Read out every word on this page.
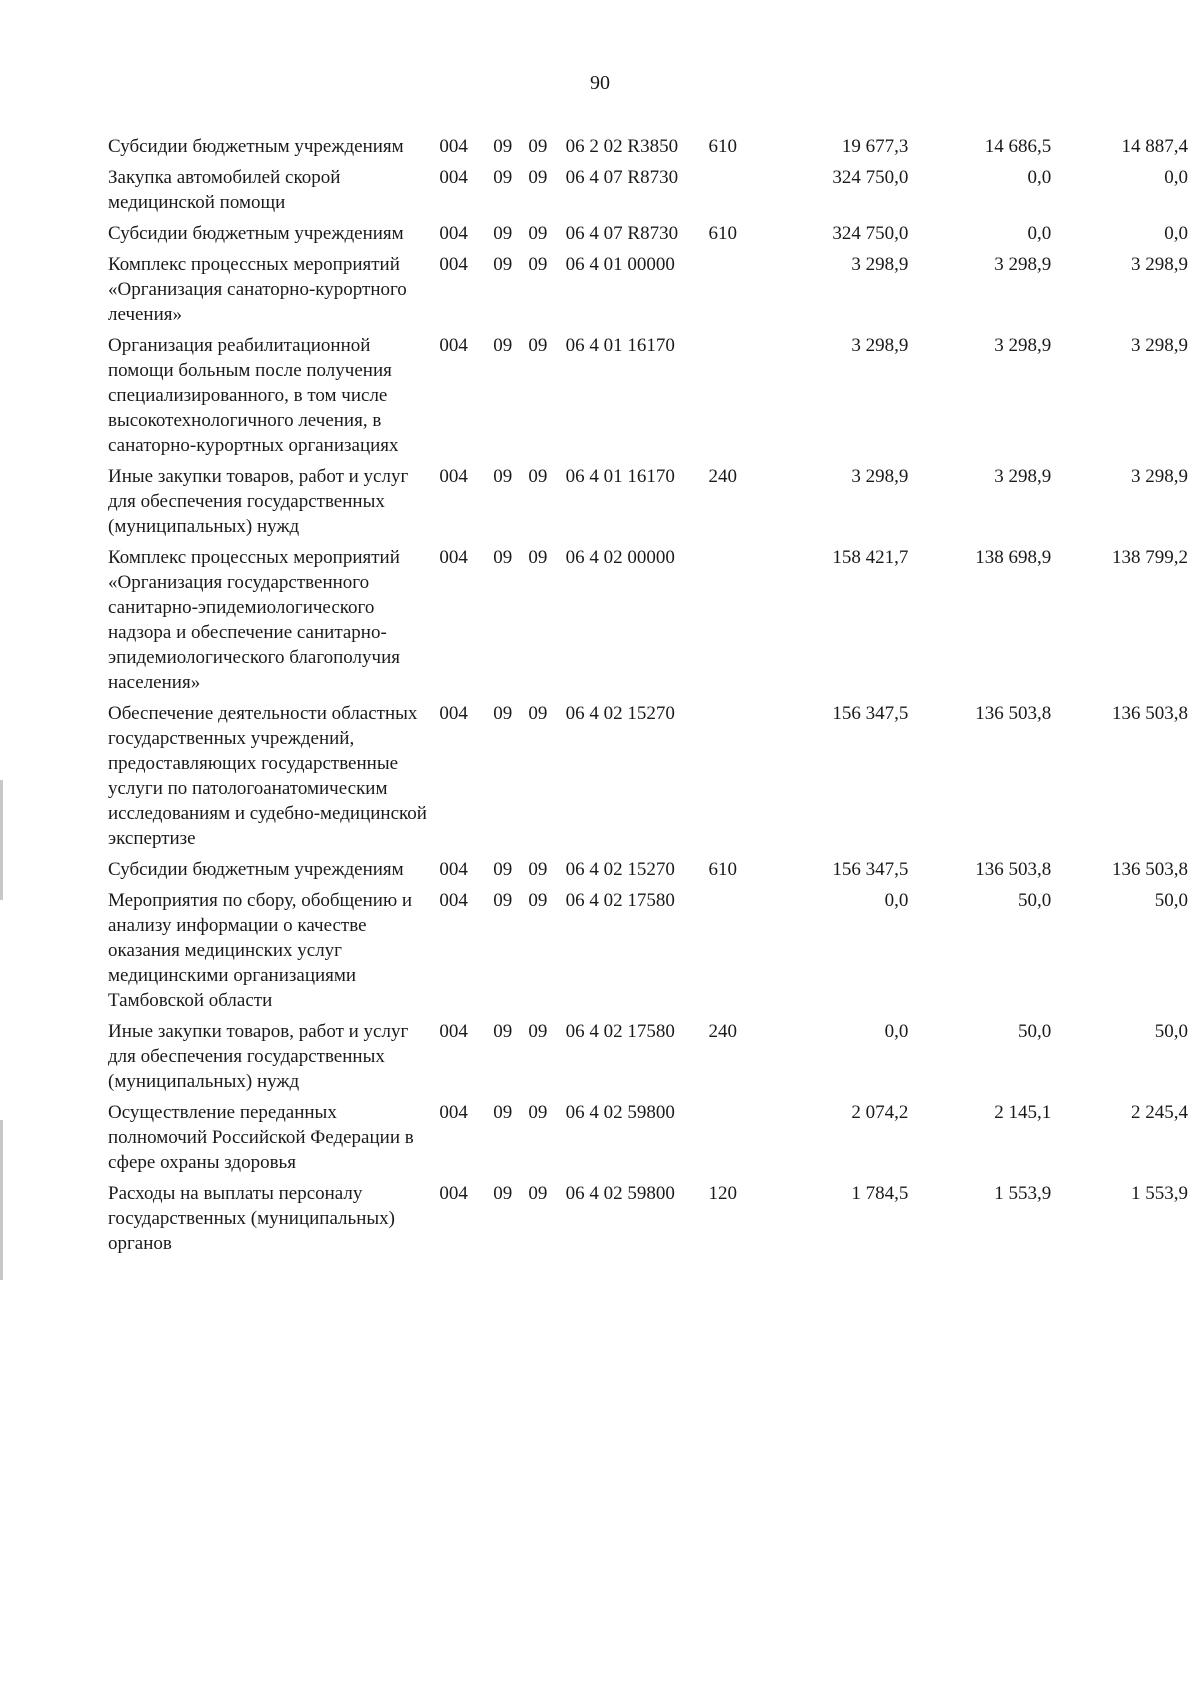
90
Субсидии бюджетным учреждениям	004	09	09	06 2 02 R3850	610	19 677,3	14 686,5	14 887,4
Закупка автомобилей скорой медицинской помощи	004	09	09	06 4 07 R8730		324 750,0	0,0	0,0
Субсидии бюджетным учреждениям	004	09	09	06 4 07 R8730	610	324 750,0	0,0	0,0
Комплекс процессных мероприятий «Организация санаторно-курортного лечения»	004	09	09	06 4 01 00000		3 298,9	3 298,9	3 298,9
Организация реабилитационной помощи больным после получения специализированного, в том числе высокотехнологичного лечения, в санаторно-курортных организациях	004	09	09	06 4 01 16170		3 298,9	3 298,9	3 298,9
Иные закупки товаров, работ и услуг для обеспечения государственных (муниципальных) нужд	004	09	09	06 4 01 16170	240	3 298,9	3 298,9	3 298,9
Комплекс процессных мероприятий «Организация государственного санитарно-эпидемиологического надзора и обеспечение санитарно-эпидемиологического благополучия населения»	004	09	09	06 4 02 00000		158 421,7	138 698,9	138 799,2
Обеспечение деятельности областных государственных учреждений, предоставляющих государственные услуги по патологоанатомическим исследованиям и судебно-медицинской экспертизе	004	09	09	06 4 02 15270		156 347,5	136 503,8	136 503,8
Субсидии бюджетным учреждениям	004	09	09	06 4 02 15270	610	156 347,5	136 503,8	136 503,8
Мероприятия по сбору, обобщению и анализу информации о качестве оказания медицинских услуг медицинскими организациями Тамбовской области	004	09	09	06 4 02 17580		0,0	50,0	50,0
Иные закупки товаров, работ и услуг для обеспечения государственных (муниципальных) нужд	004	09	09	06 4 02 17580	240	0,0	50,0	50,0
Осуществление переданных полномочий Российской Федерации в сфере охраны здоровья	004	09	09	06 4 02 59800		2 074,2	2 145,1	2 245,4
Расходы на выплаты персоналу государственных (муниципальных) органов	004	09	09	06 4 02 59800	120	1 784,5	1 553,9	1 553,9
